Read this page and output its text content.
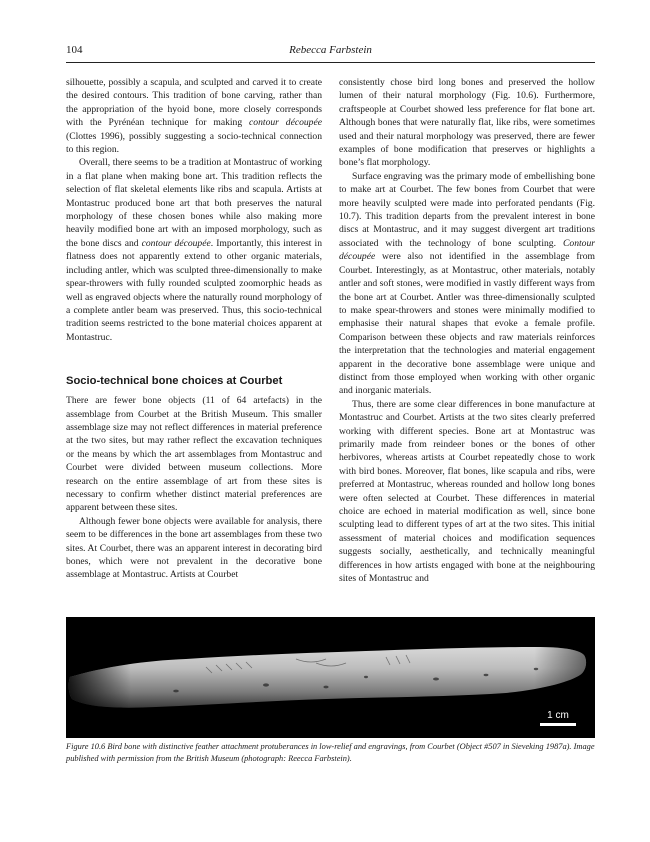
104	Rebecca Farbstein

silhouette, possibly a scapula, and sculpted and carved it to create the desired contours. This tradition of bone carving, rather than the appropriation of the hyoid bone, more closely corresponds with the Pyrénéan technique for making contour découpée (Clottes 1996), possibly suggesting a socio-technical connection to this region.

Overall, there seems to be a tradition at Montastruc of working in a flat plane when making bone art. This tradition reflects the selection of flat skeletal elements like ribs and scapula. Artists at Montastruc produced bone art that both preserves the natural morphology of these chosen bones while also making more heavily modified bone art with an imposed morphology, such as the bone discs and contour découpée. Importantly, this interest in flatness does not apparently extend to other organic materials, including antler, which was sculpted three-dimensionally to make spear-throwers with fully rounded sculpted zoomorphic heads as well as engraved objects where the naturally round morphology of a complete antler beam was preserved. Thus, this socio-technical tradition seems restricted to the bone material choices apparent at Montastruc.

Socio-technical bone choices at Courbet

There are fewer bone objects (11 of 64 artefacts) in the assemblage from Courbet at the British Museum. This smaller assemblage size may not reflect differences in material preference at the two sites, but may rather reflect the excavation techniques or the means by which the art assemblages from Montastruc and Courbet were divided between museum collections. More research on the entire assemblage of art from these sites is necessary to confirm whether distinct material preferences are apparent between these sites.

Although fewer bone objects were available for analysis, there seem to be differences in the bone art assemblages from these two sites. At Courbet, there was an apparent interest in decorating bird bones, which were not prevalent in the decorative bone assemblage at Montastruc. Artists at Courbet

consistently chose bird long bones and preserved the hollow lumen of their natural morphology (Fig. 10.6). Furthermore, craftspeople at Courbet showed less preference for flat bone art. Although bones that were naturally flat, like ribs, were sometimes used and their natural morphology was preserved, there are fewer examples of bone modification that preserves or highlights a bone’s flat morphology.

Surface engraving was the primary mode of embellishing bone to make art at Courbet. The few bones from Courbet that were more heavily sculpted were made into perforated pendants (Fig. 10.7). This tradition departs from the prevalent interest in bone discs at Montastruc, and it may suggest divergent art traditions associated with the technology of bone sculpting. Contour découpée were also not identified in the assemblage from Courbet. Interestingly, as at Montastruc, other materials, notably antler and soft stones, were modified in vastly different ways from the bone art at Courbet. Antler was three-dimensionally sculpted to make spear-throwers and stones were minimally modified to emphasise their natural shapes that evoke a female profile. Comparison between these objects and raw materials reinforces the interpretation that the technologies and material engagement apparent in the decorative bone assemblage were unique and distinct from those employed when working with other organic and inorganic materials.

Thus, there are some clear differences in bone manufacture at Montastruc and Courbet. Artists at the two sites clearly preferred working with different species. Bone art at Montastruc was primarily made from reindeer bones or the bones of other herbivores, whereas artists at Courbet repeatedly chose to work with bird bones. Moreover, flat bones, like scapula and ribs, were preferred at Montastruc, whereas rounded and hollow long bones were often selected at Courbet. These differences in material choice are echoed in material modification as well, since bone sculpting lead to different types of art at the two sites. This initial assessment of material choices and modification sequences suggests socially, aesthetically, and technically meaningful differences in how artists engaged with bone at the neighbouring sites of Montastruc and

1 cm
Figure 10.6 Bird bone with distinctive feather attachment protuberances in low-relief and engravings, from Courbet (Object #507 in Sieveking 1987a). Image published with permission from the British Museum (photograph: Reecca Farbstein).
